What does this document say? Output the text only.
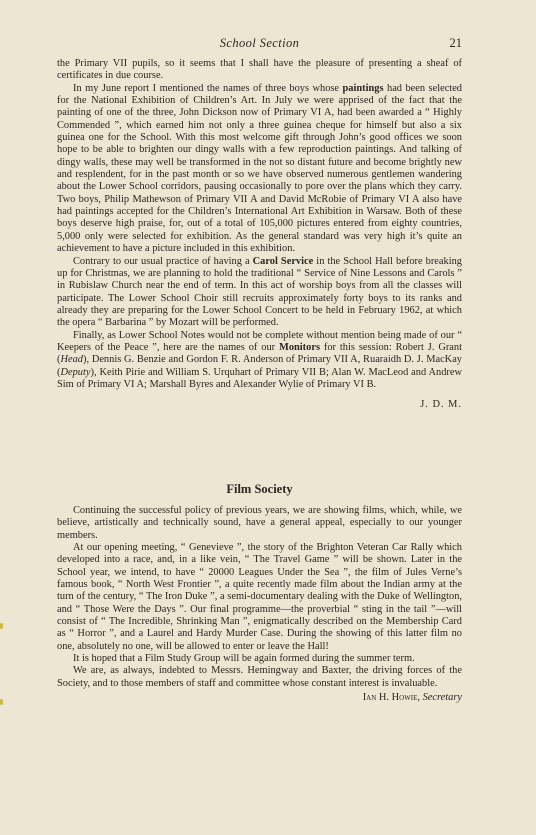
School Section	21

the Primary VII pupils, so it seems that I shall have the pleasure of presenting a sheaf of certificates in due course.

In my June report I mentioned the names of three boys whose paintings had been selected for the National Exhibition of Children’s Art. In July we were apprised of the fact that the painting of one of the three, John Dickson now of Primary VI A, had been awarded a “ Highly Commended ”, which earned him not only a three guinea cheque for himself but also a six guinea one for the School. With this most welcome gift through John’s good offices we soon hope to be able to brighten our dingy walls with a few reproduction paintings. And talking of dingy walls, these may well be transformed in the not so distant future and become brightly new and resplendent, for in the past month or so we have observed numerous gentlemen wandering about the Lower School corridors, pausing occasionally to pore over the plans which they carry. Two boys, Philip Mathewson of Primary VII A and David McRobie of Primary VI A also have had paintings accepted for the Children’s International Art Exhibition in Warsaw. Both of these boys deserve high praise, for, out of a total of 105,000 pictures entered from eighty countries, 5,000 only were selected for exhibition. As the general standard was very high it’s quite an achievement to have a picture included in this exhibition.

Contrary to our usual practice of having a Carol Service in the School Hall before breaking up for Christmas, we are planning to hold the traditional “ Service of Nine Lessons and Carols ” in Rubislaw Church near the end of term. In this act of worship boys from all the classes will participate. The Lower School Choir still recruits approximately forty boys to its ranks and already they are preparing for the Lower School Concert to be held in February 1962, at which the opera “ Barbarina ” by Mozart will be performed.

Finally, as Lower School Notes would not be complete without mention being made of our “ Keepers of the Peace ”, here are the names of our Monitors for this session: Robert J. Grant (Head), Dennis G. Benzie and Gordon F. R. Anderson of Primary VII A, Ruaraidh D. J. MacKay (Deputy), Keith Pirie and William S. Urquhart of Primary VII B; Alan W. MacLeod and Andrew Sim of Primary VI A; Marshall Byres and Alexander Wylie of Primary VI B.

J. D. M.
Film Society

Continuing the successful policy of previous years, we are showing films, which, while, we believe, artistically and technically sound, have a general appeal, especially to our younger members.

At our opening meeting, “ Genevieve ”, the story of the Brighton Veteran Car Rally which developed into a race, and, in a like vein, “ The Travel Game ” will be shown. Later in the School year, we intend, to have “ 20000 Leagues Under the Sea ”, the film of Jules Verne’s famous book, “ North West Frontier ”, a quite recently made film about the Indian army at the turn of the century, “ The Iron Duke ”, a semi-documentary dealing with the Duke of Wellington, and “ Those Were the Days ”. Our final programme—the proverbial “ sting in the tail ”—will consist of “ The Incredible, Shrinking Man ”, enigmatically described on the Membership Card as “ Horror ”, and a Laurel and Hardy Murder Case. During the showing of this latter film no one, absolutely no one, will be allowed to enter or leave the Hall!

It is hoped that a Film Study Group will be again formed during the summer term.

We are, as always, indebted to Messrs. Hemingway and Baxter, the driving forces of the Society, and to those members of staff and committee whose constant interest is invaluable.

Ian H. Howie, Secretary
